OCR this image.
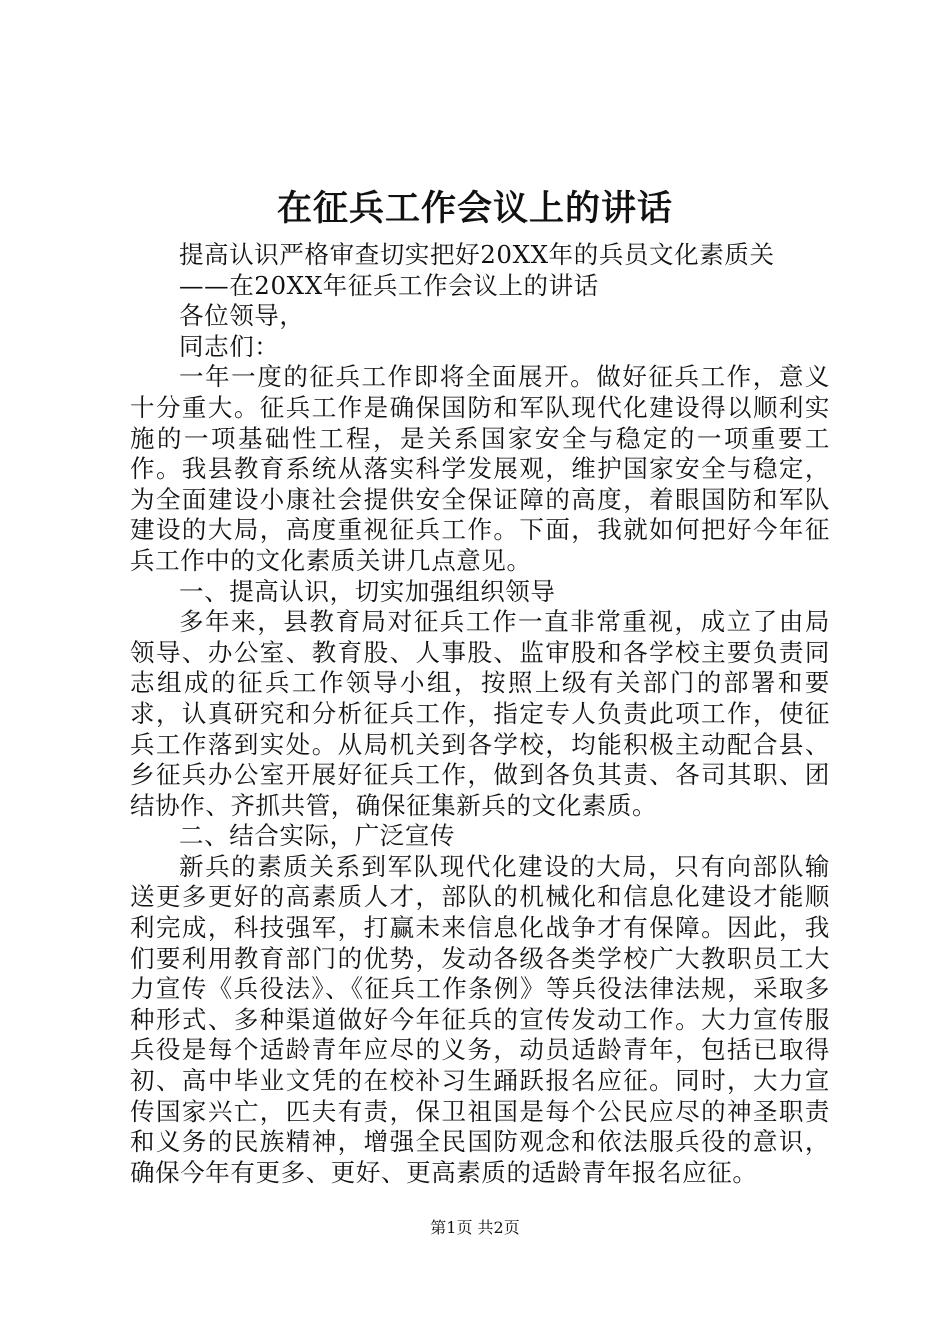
在征兵工作会议上的讲话

提高认识严格审查切实把好20XX年的兵员文化素质关

——在20XX年征兵工作会议上的讲话

各位领导，

同志们：

一年一度的征兵工作即将全面展开。做好征兵工作，意义十分重大。征兵工作是确保国防和军队现代化建设得以顺利实施的一项基础性工程，是关系国家安全与稳定的一项重要工作。我县教育系统从落实科学发展观，维护国家安全与稳定，为全面建设小康社会提供安全保证障的高度，着眼国防和军队建设的大局，高度重视征兵工作。下面，我就如何把好今年征兵工作中的文化素质关讲几点意见。

一、提高认识，切实加强组织领导

多年来，县教育局对征兵工作一直非常重视，成立了由局领导、办公室、教育股、人事股、监审股和各学校主要负责同志组成的征兵工作领导小组，按照上级有关部门的部署和要求，认真研究和分析征兵工作，指定专人负责此项工作，使征兵工作落到实处。从局机关到各学校，均能积极主动配合县、乡征兵办公室开展好征兵工作，做到各负其责、各司其职、团结协作、齐抓共管，确保征集新兵的文化素质。

二、结合实际，广泛宣传

新兵的素质关系到军队现代化建设的大局，只有向部队输送更多更好的高素质人才，部队的机械化和信息化建设才能顺利完成，科技强军，打赢未来信息化战争才有保障。因此，我们要利用教育部门的优势，发动各级各类学校广大教职员工大力宣传《兵役法》、《征兵工作条例》等兵役法律法规，采取多种形式、多种渠道做好今年征兵的宣传发动工作。大力宣传服兵役是每个适龄青年应尽的义务，动员适龄青年，包括已取得初、高中毕业文凭的在校补习生踊跃报名应征。同时，大力宣传国家兴亡，匹夫有责，保卫祖国是每个公民应尽的神圣职责和义务的民族精神，增强全民国防观念和依法服兵役的意识，确保今年有更多、更好、更高素质的适龄青年报名应征。

第1页 共2页
